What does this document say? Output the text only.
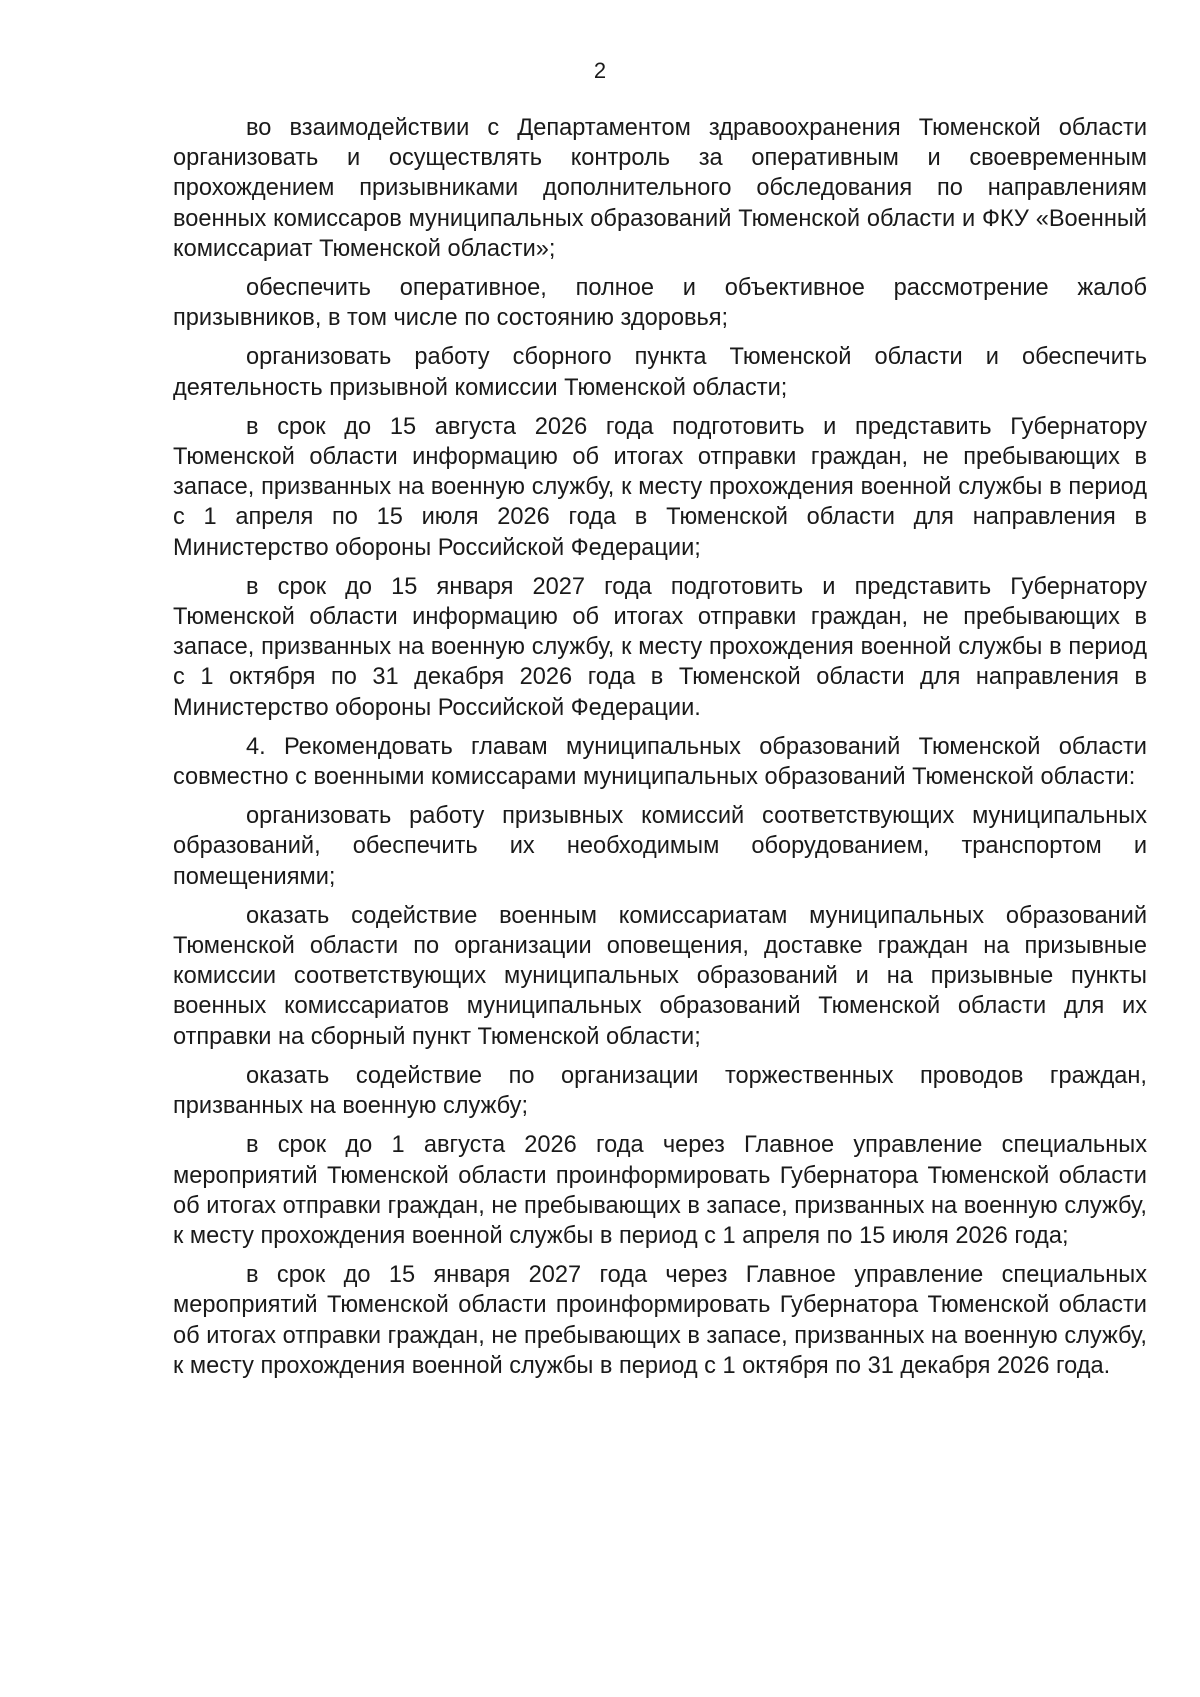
2

во взаимодействии с Департаментом здравоохранения Тюменской области организовать и осуществлять контроль за оперативным и своевременным прохождением призывниками дополнительного обследования по направлениям военных комиссаров муниципальных образований Тюменской области и ФКУ «Военный комиссариат Тюменской области»;

обеспечить оперативное, полное и объективное рассмотрение жалоб призывников, в том числе по состоянию здоровья;

организовать работу сборного пункта Тюменской области и обеспечить деятельность призывной комиссии Тюменской области;

в срок до 15 августа 2026 года подготовить и представить Губернатору Тюменской области информацию об итогах отправки граждан, не пребывающих в запасе, призванных на военную службу, к месту прохождения военной службы в период с 1 апреля по 15 июля 2026 года в Тюменской области для направления в Министерство обороны Российской Федерации;

в срок до 15 января 2027 года подготовить и представить Губернатору Тюменской области информацию об итогах отправки граждан, не пребывающих в запасе, призванных на военную службу, к месту прохождения военной службы в период с 1 октября по 31 декабря 2026 года в Тюменской области для направления в Министерство обороны Российской Федерации.

4. Рекомендовать главам муниципальных образований Тюменской области совместно с военными комиссарами муниципальных образований Тюменской области:

организовать работу призывных комиссий соответствующих муниципальных образований, обеспечить их необходимым оборудованием, транспортом и помещениями;

оказать содействие военным комиссариатам муниципальных образований Тюменской области по организации оповещения, доставке граждан на призывные комиссии соответствующих муниципальных образований и на призывные пункты военных комиссариатов муниципальных образований Тюменской области для их отправки на сборный пункт Тюменской области;

оказать содействие по организации торжественных проводов граждан, призванных на военную службу;

в срок до 1 августа 2026 года через Главное управление специальных мероприятий Тюменской области проинформировать Губернатора Тюменской области об итогах отправки граждан, не пребывающих в запасе, призванных на военную службу, к месту прохождения военной службы в период с 1 апреля по 15 июля 2026 года;

в срок до 15 января 2027 года через Главное управление специальных мероприятий Тюменской области проинформировать Губернатора Тюменской области об итогах отправки граждан, не пребывающих в запасе, призванных на военную службу, к месту прохождения военной службы в период с 1 октября по 31 декабря 2026 года.
